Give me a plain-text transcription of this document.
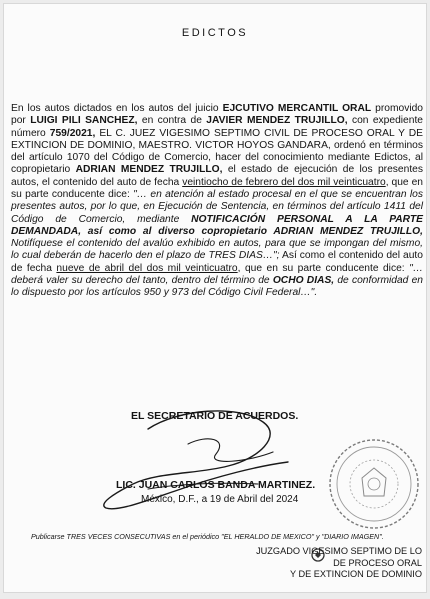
EDICTOS

En los autos dictados en los autos del juicio EJCUTIVO MERCANTIL ORAL promovido por LUIGI PILI SANCHEZ, en contra de JAVIER MENDEZ TRUJILLO, con expediente número 759/2021, EL C. JUEZ VIGESIMO SEPTIMO CIVIL DE PROCESO ORAL Y DE EXTINCION DE DOMINIO, MAESTRO. VICTOR HOYOS GANDARA, ordenó en términos del artículo 1070 del Código de Comercio, hacer del conocimiento mediante Edictos, al copropietario ADRIAN MENDEZ TRUJILLO, el estado de ejecución de los presentes autos, el contenido del auto de fecha veintiocho de febrero del dos mil veinticuatro, que en su parte conducente dice: "… en atención al estado procesal en el que se encuentran los presentes autos, por lo que, en Ejecución de Sentencia, en términos del artículo 1411 del Código de Comercio, mediante NOTIFICACIÓN PERSONAL A LA PARTE DEMANDADA, así como al diverso copropietario ADRIAN MENDEZ TRUJILLO, Notifíquese el contenido del avalúo exhibido en autos, para que se impongan del mismo, lo cual deberán de hacerlo den el plazo de TRES DIAS…"; Así como el contenido del auto de fecha nueve de abril del dos mil veinticuatro, que en su parte conducente dice: "… deberá valer su derecho del tanto, dentro del término de OCHO DIAS, de conformidad en lo dispuesto por los artículos 950 y 973 del Código Civil Federal…".

EL SECRETARIO DE ACUERDOS.
LIC. JUAN CARLOS BANDA MARTINEZ.
México, D.F., a 19 de Abril del 2024
Publicarse TRES VECES CONSECUTIVAS en el periódico "EL HERALDO DE MEXICO" y "DIARIO IMAGEN".
JUZGADO VIGESIMO SEPTIMO DE LO
DE PROCESO ORAL
Y DE EXTINCION DE DOMINIO
